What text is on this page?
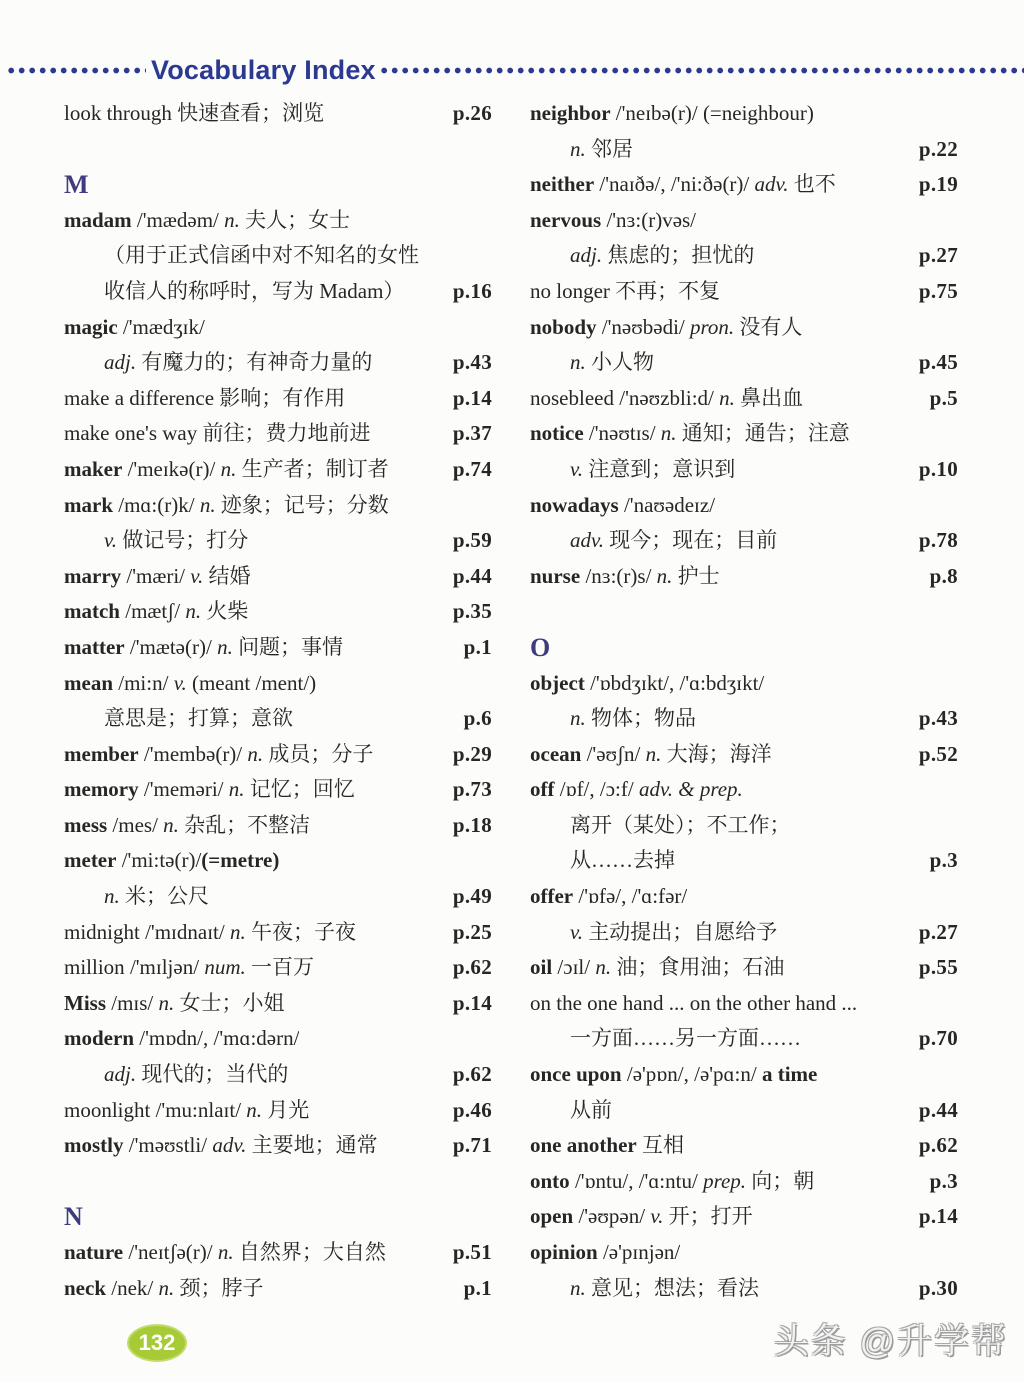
Vocabulary Index
look through 快速查看；浏览	p.26
M
madam /'mædəm/ n. 夫人；女士
（用于正式信函中对不知名的女性
收信人的称呼时，写为 Madam） p.16
magic /'mædʒɪk/
adj. 有魔力的；有神奇力量的	p.43
make a difference 影响；有作用	p.14
make one's way 前往；费力地前进	p.37
maker /'meɪkə(r)/ n. 生产者；制订者	p.74
mark /mɑ:(r)k/ n. 迹象；记号；分数
v. 做记号；打分	p.59
marry /'mæri/ v. 结婚	p.44
match /mætʃ/ n. 火柴	p.35
matter /'mætə(r)/ n. 问题；事情	p.1
mean /mi:n/ v. (meant /ment/)
意思是；打算；意欲	p.6
member /'membə(r)/ n. 成员；分子	p.29
memory /'meməri/ n. 记忆；回忆	p.73
mess /mes/ n. 杂乱；不整洁	p.18
meter /'mi:tə(r)/(=metre)
n. 米；公尺	p.49
midnight /'mɪdnaɪt/ n. 午夜；子夜	p.25
million /'mɪljən/ num. 一百万	p.62
Miss /mɪs/ n. 女士；小姐	p.14
modern /'mɒdn/, /'mɑ:dərn/
adj. 现代的；当代的	p.62
moonlight /'mu:nlaɪt/ n. 月光	p.46
mostly /'məʊstli/ adv. 主要地；通常	p.71
N
nature /'neɪtʃə(r)/ n. 自然界；大自然	p.51
neck /nek/ n. 颈；脖子	p.1
neighbor /'neɪbə(r)/ (=neighbour)
n. 邻居	p.22
neither /'naɪðə/, /'ni:ðə(r)/ adv. 也不	p.19
nervous /'nɜ:(r)vəs/
adj. 焦虑的；担忧的	p.27
no longer 不再；不复	p.75
nobody /'nəʊbədi/ pron. 没有人
n. 小人物	p.45
nosebleed /'nəʊzbli:d/ n. 鼻出血	p.5
notice /'nəʊtɪs/ n. 通知；通告；注意
v. 注意到；意识到	p.10
nowadays /'naʊədeɪz/
adv. 现今；现在；目前	p.78
nurse /nɜ:(r)s/ n. 护士	p.8
O
object /'ɒbdʒɪkt/, /'ɑ:bdʒɪkt/
n. 物体；物品	p.43
ocean /'əʊʃn/ n. 大海；海洋	p.52
off /ɒf/, /ɔ:f/ adv. & prep.
离开（某处）；不工作；
从……去掉	p.3
offer /'ɒfə/, /'ɑ:fər/
v. 主动提出；自愿给予	p.27
oil /ɔɪl/ n. 油；食用油；石油	p.55
on the one hand ... on the other hand ...
一方面……另一方面……	p.70
once upon /ə'pɒn/, /ə'pɑ:n/ a time
从前	p.44
one another 互相	p.62
onto /'ɒntu/, /'ɑ:ntu/ prep. 向；朝	p.3
open /'əʊpən/ v. 开；打开	p.14
opinion /ə'pɪnjən/
n. 意见；想法；看法	p.30
132	头条 @升学帮
